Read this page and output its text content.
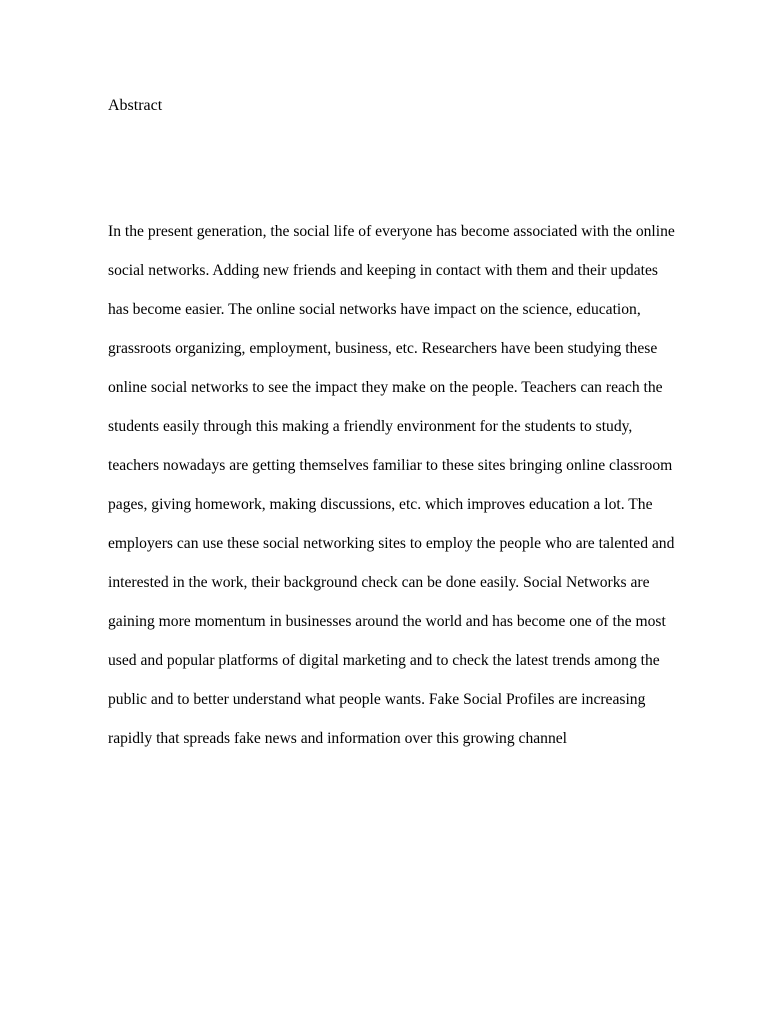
Abstract

In the present generation, the social life of everyone has become associated with the online
social networks. Adding new friends and keeping in contact with them and their updates
has become easier. The online social networks have impact on the science, education,
grassroots organizing, employment, business, etc. Researchers have been studying these
online social networks to see the impact they make on the people. Teachers can reach the
students easily through this making a friendly environment for the students to study,
teachers nowadays are getting themselves familiar to these sites bringing online classroom
pages, giving homework, making discussions, etc. which improves education a lot. The
employers can use these social networking sites to employ the people who are talented and
interested in the work, their background check can be done easily. Social Networks are
gaining more momentum in businesses around the world and has become one of the most
used and popular platforms of digital marketing and to check the latest trends among the
public and to better understand what people wants. Fake Social Profiles are increasing
rapidly that spreads fake news and information over this growing channel
